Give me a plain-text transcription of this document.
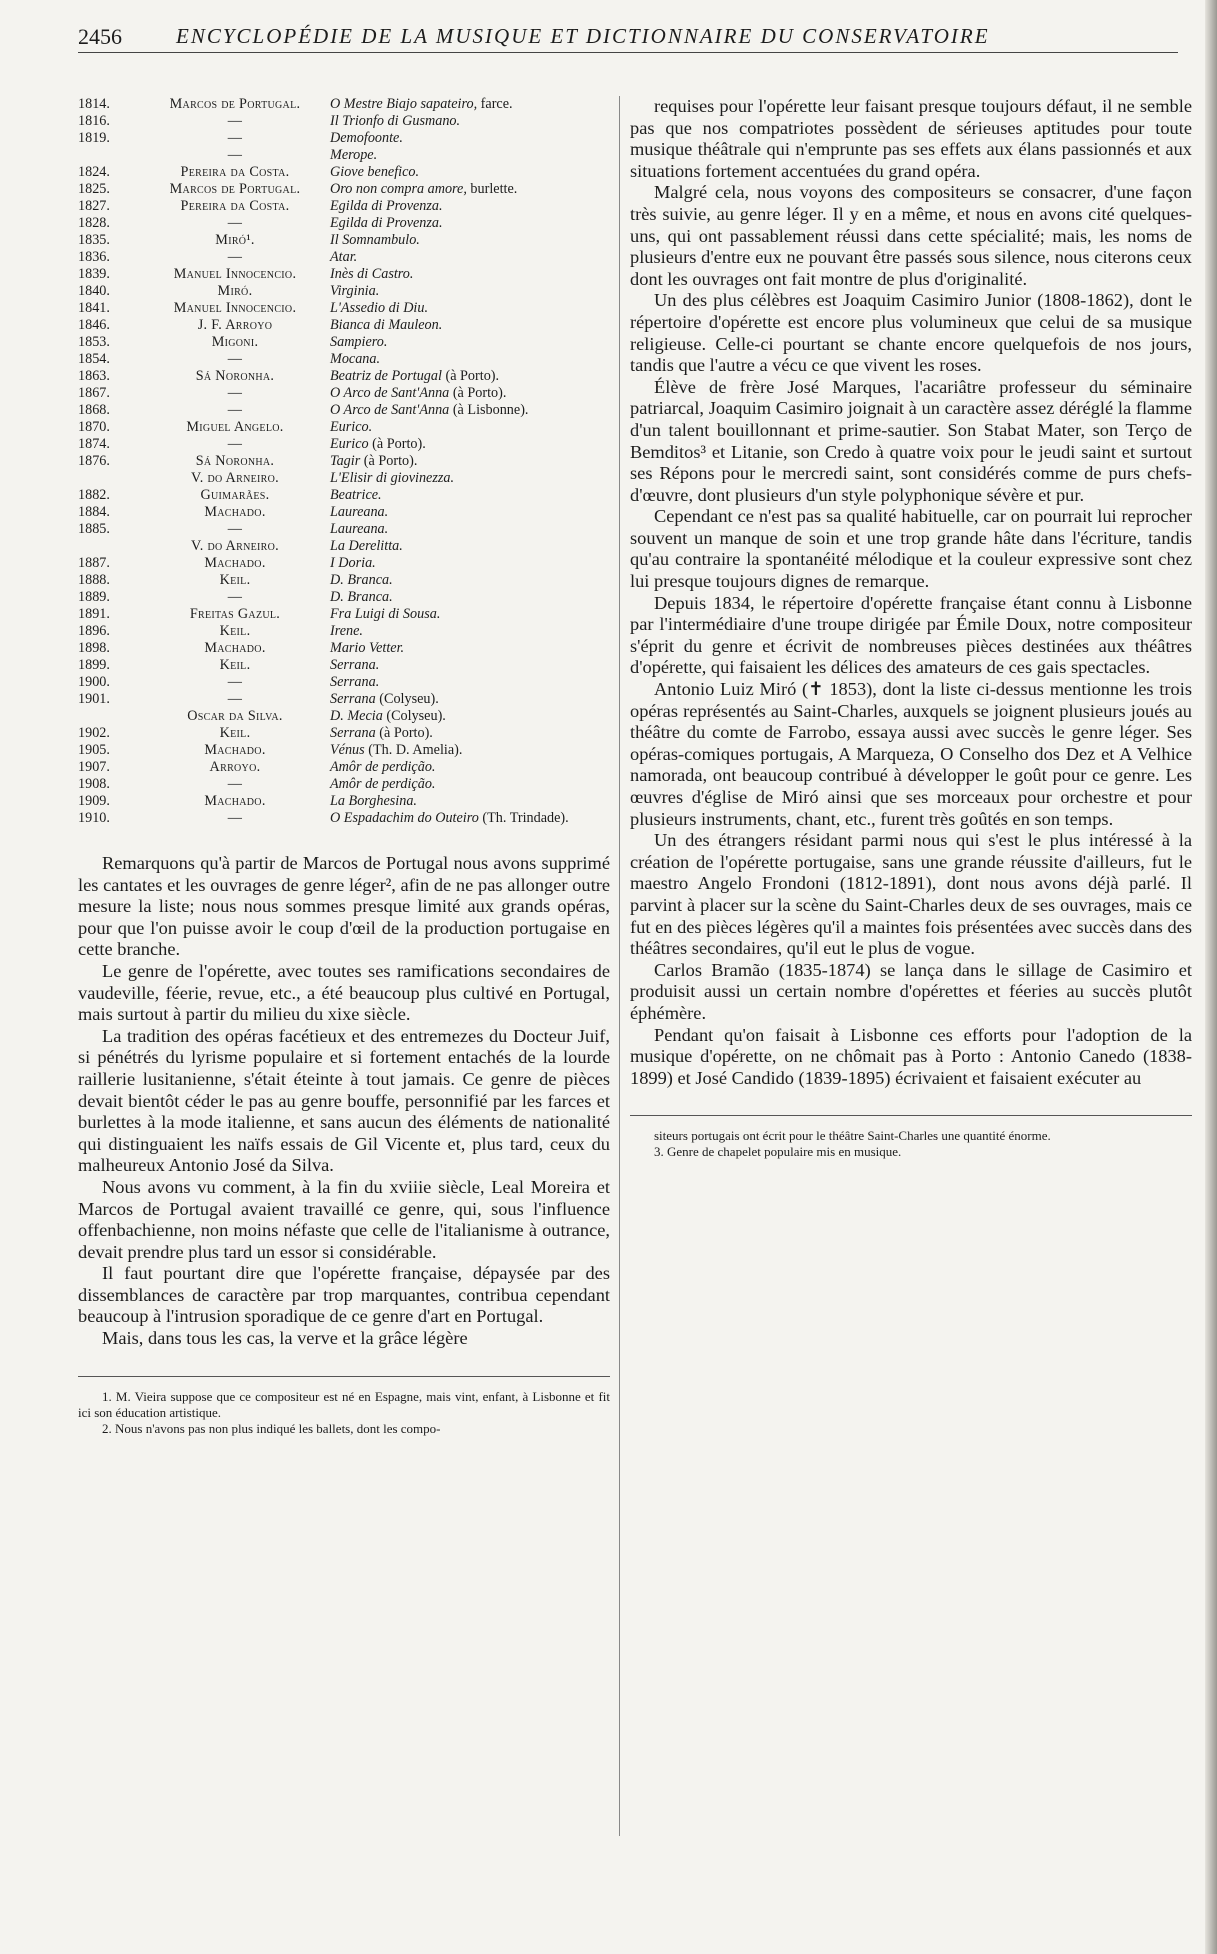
2456	ENCYCLOPÉDIE DE LA MUSIQUE ET DICTIONNAIRE DU CONSERVATOIRE
1814.	Marcos de Portugal.	O Mestre Biajo sapateiro, farce.
1816.	—	Il Trionfo di Gusmano.
1819.	—	Demofoonte.
	—	Merope.
1824.	Pereira da Costa.	Giove benefico.
1825.	Marcos de Portugal.	Oro non compra amore, burlette.
1827.	Pereira da Costa.	Egilda di Provenza.
1828.	—	Egilda di Provenza.
1835.	Miró¹.	Il Somnambulo.
1836.	—	Atar.
1839.	Manuel Innocencio.	Inès di Castro.
1840.	Miró.	Virginia.
1841.	Manuel Innocencio.	L'Assedio di Diu.
1846.	J. F. Arroyo	Bianca di Mauleon.
1853.	Migoni.	Sampiero.
1854.	—	Mocana.
1863.	Sá Noronha.	Beatriz de Portugal (à Porto).
1867.	—	O Arco de Sant'Anna (à Porto).
1868.	—	O Arco de Sant'Anna (à Lisbonne).
1870.	Miguel Angelo.	Eurico.
1874.	—	Eurico (à Porto).
1876.	Sá Noronha.	Tagir (à Porto).
	V. do Arneiro.	L'Elisir di giovinezza.
1882.	Guimarães.	Beatrice.
1884.	Machado.	Laureana.
1885.	—	Laureana.
	V. do Arneiro.	La Derelitta.
1887.	Machado.	I Doria.
1888.	Keil.	D. Branca.
1889.	—	D. Branca.
1891.	Freitas Gazul.	Fra Luigi di Sousa.
1896.	Keil.	Irene.
1898.	Machado.	Mario Vetter.
1899.	Keil.	Serrana.
1900.	—	Serrana.
1901.	—	Serrana (Colyseu).
	Oscar da Silva.	D. Mecia (Colyseu).
1902.	Keil.	Serrana (à Porto).
1905.	Machado.	Vénus (Th. D. Amelia).
1907.	Arroyo.	Amôr de perdição.
1908.	—	Amôr de perdição.
1909.	Machado.	La Borghesina.
1910.	—	O Espadachim do Outeiro (Th. Trindade).

Remarquons qu'à partir de Marcos de Portugal nous avons supprimé les cantates et les ouvrages de genre léger², afin de ne pas allonger outre mesure la liste; nous nous sommes presque limité aux grands opéras, pour que l'on puisse avoir le coup d'œil de la production portugaise en cette branche.

Le genre de l'opérette, avec toutes ses ramifications secondaires de vaudeville, féerie, revue, etc., a été beaucoup plus cultivé en Portugal, mais surtout à partir du milieu du xixe siècle.

La tradition des opéras facétieux et des entremezes du Docteur Juif, si pénétrés du lyrisme populaire et si fortement entachés de la lourde raillerie lusitanienne, s'était éteinte à tout jamais. Ce genre de pièces devait bientôt céder le pas au genre bouffe, personnifié par les farces et burlettes à la mode italienne, et sans aucun des éléments de nationalité qui distinguaient les naïfs essais de Gil Vicente et, plus tard, ceux du malheureux Antonio José da Silva.

Nous avons vu comment, à la fin du xviiie siècle, Leal Moreira et Marcos de Portugal avaient travaillé ce genre, qui, sous l'influence offenbachienne, non moins néfaste que celle de l'italianisme à outrance, devait prendre plus tard un essor si considérable.

Il faut pourtant dire que l'opérette française, dépaysée par des dissemblances de caractère par trop marquantes, contribua cependant beaucoup à l'intrusion sporadique de ce genre d'art en Portugal.

Mais, dans tous les cas, la verve et la grâce légère

1. M. Vieira suppose que ce compositeur est né en Espagne, mais vint, enfant, à Lisbonne et fit ici son éducation artistique.

2. Nous n'avons pas non plus indiqué les ballets, dont les compo-

requises pour l'opérette leur faisant presque toujours défaut, il ne semble pas que nos compatriotes possèdent de sérieuses aptitudes pour toute musique théâtrale qui n'emprunte pas ses effets aux élans passionnés et aux situations fortement accentuées du grand opéra.

Malgré cela, nous voyons des compositeurs se consacrer, d'une façon très suivie, au genre léger. Il y en a même, et nous en avons cité quelques-uns, qui ont passablement réussi dans cette spécialité; mais, les noms de plusieurs d'entre eux ne pouvant être passés sous silence, nous citerons ceux dont les ouvrages ont fait montre de plus d'originalité.

Un des plus célèbres est Joaquim Casimiro Junior (1808-1862), dont le répertoire d'opérette est encore plus volumineux que celui de sa musique religieuse. Celle-ci pourtant se chante encore quelquefois de nos jours, tandis que l'autre a vécu ce que vivent les roses.

Élève de frère José Marques, l'acariâtre professeur du séminaire patriarcal, Joaquim Casimiro joignait à un caractère assez déréglé la flamme d'un talent bouillonnant et prime-sautier. Son Stabat Mater, son Terço de Bemditos³ et Litanie, son Credo à quatre voix pour le jeudi saint et surtout ses Répons pour le mercredi saint, sont considérés comme de purs chefs-d'œuvre, dont plusieurs d'un style polyphonique sévère et pur.

Cependant ce n'est pas sa qualité habituelle, car on pourrait lui reprocher souvent un manque de soin et une trop grande hâte dans l'écriture, tandis qu'au contraire la spontanéité mélodique et la couleur expressive sont chez lui presque toujours dignes de remarque.

Depuis 1834, le répertoire d'opérette française étant connu à Lisbonne par l'intermédiaire d'une troupe dirigée par Émile Doux, notre compositeur s'éprit du genre et écrivit de nombreuses pièces destinées aux théâtres d'opérette, qui faisaient les délices des amateurs de ces gais spectacles.

Antonio Luiz Miró (✝ 1853), dont la liste ci-dessus mentionne les trois opéras représentés au Saint-Charles, auxquels se joignent plusieurs joués au théâtre du comte de Farrobo, essaya aussi avec succès le genre léger. Ses opéras-comiques portugais, A Marqueza, O Conselho dos Dez et A Velhice namorada, ont beaucoup contribué à développer le goût pour ce genre. Les œuvres d'église de Miró ainsi que ses morceaux pour orchestre et pour plusieurs instruments, chant, etc., furent très goûtés en son temps.

Un des étrangers résidant parmi nous qui s'est le plus intéressé à la création de l'opérette portugaise, sans une grande réussite d'ailleurs, fut le maestro Angelo Frondoni (1812-1891), dont nous avons déjà parlé. Il parvint à placer sur la scène du Saint-Charles deux de ses ouvrages, mais ce fut en des pièces légères qu'il a maintes fois présentées avec succès dans des théâtres secondaires, qu'il eut le plus de vogue.

Carlos Bramão (1835-1874) se lança dans le sillage de Casimiro et produisit aussi un certain nombre d'opérettes et féeries au succès plutôt éphémère.

Pendant qu'on faisait à Lisbonne ces efforts pour l'adoption de la musique d'opérette, on ne chômait pas à Porto : Antonio Canedo (1838-1899) et José Candido (1839-1895) écrivaient et faisaient exécuter au

siteurs portugais ont écrit pour le théâtre Saint-Charles une quantité énorme.

3. Genre de chapelet populaire mis en musique.
